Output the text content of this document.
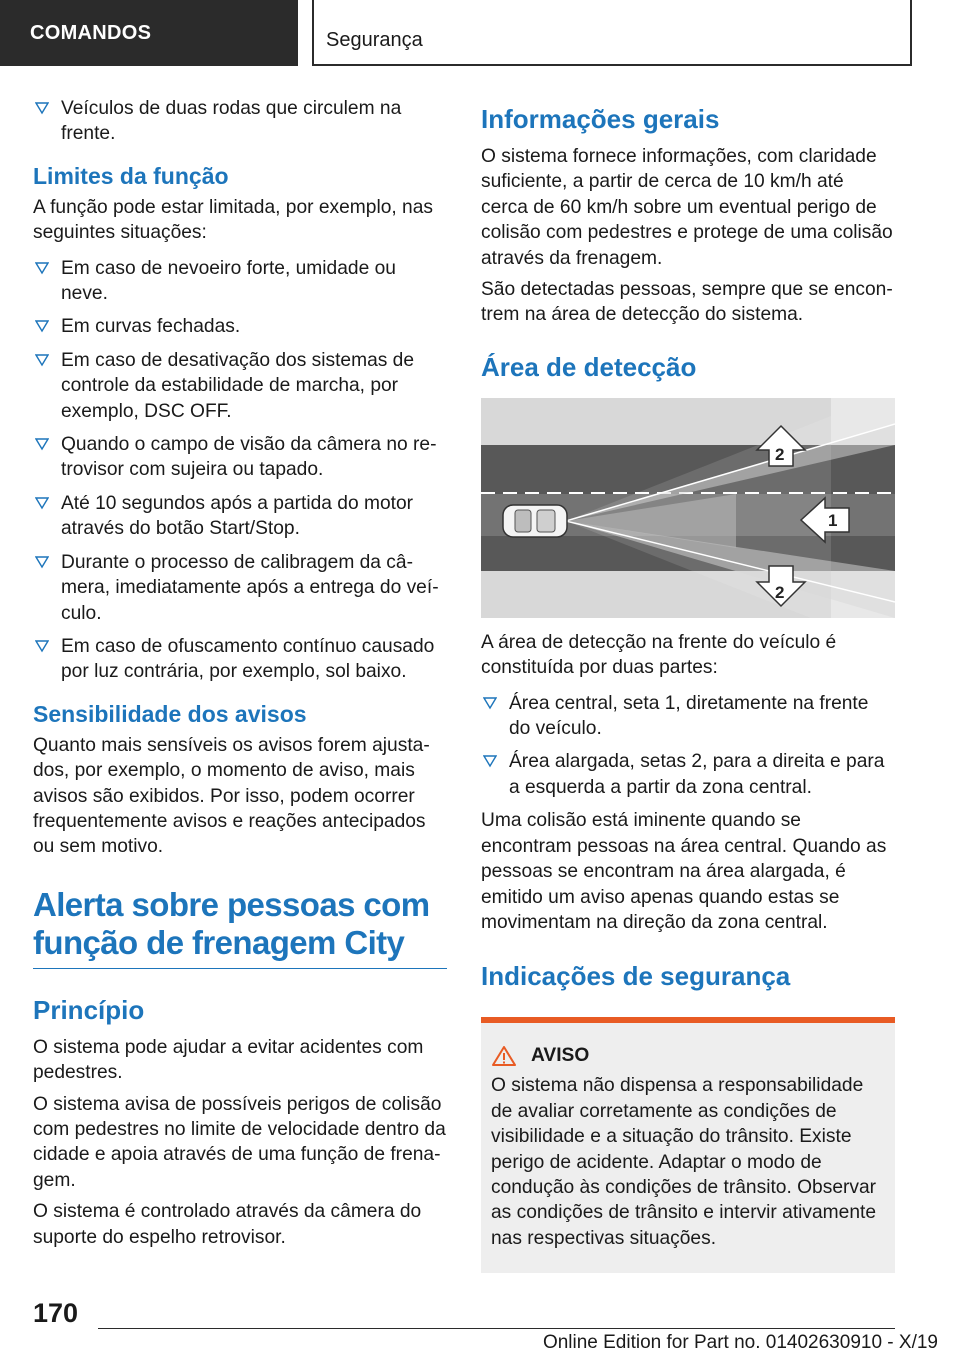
COMANDOS	Segurança
Veículos de duas rodas que circulem na frente.
Limites da função

A função pode estar limitada, por exemplo, nas seguintes situações:

Em caso de nevoeiro forte, umidade ou neve.
Em curvas fechadas.
Em caso de desativação dos sistemas de controle da estabilidade de marcha, por exemplo, DSC OFF.
Quando o campo de visão da câmera no retrovisor com sujeira ou tapado.
Até 10 segundos após a partida do motor através do botão Start/Stop.
Durante o processo de calibragem da câmera, imediatamente após a entrega do veículo.
Em caso de ofuscamento contínuo causado por luz contrária, por exemplo, sol baixo.
Sensibilidade dos avisos

Quanto mais sensíveis os avisos forem ajustados, por exemplo, o momento de aviso, mais avisos são exibidos. Por isso, podem ocorrer frequentemente avisos e reações antecipados ou sem motivo.

Alerta sobre pessoas com função de frenagem City
Princípio

O sistema pode ajudar a evitar acidentes com pedestres.

O sistema avisa de possíveis perigos de colisão com pedestres no limite de velocidade dentro da cidade e apoia através de uma função de frenagem.

O sistema é controlado através da câmera do suporte do espelho retrovisor.

Informações gerais

O sistema fornece informações, com claridade suficiente, a partir de cerca de 10 km/h até cerca de 60 km/h sobre um eventual perigo de colisão com pedestres e protege de uma colisão através da frenagem.

São detectadas pessoas, sempre que se encontrem na área de detecção do sistema.

Área de detecção
2
1
2

A área de detecção na frente do veículo é constituída por duas partes:

Área central, seta 1, diretamente na frente do veículo.
Área alargada, setas 2, para a direita e para a esquerda a partir da zona central.

Uma colisão está iminente quando se encontram pessoas na área central. Quando as pessoas se encontram na área alargada, é emitido um aviso apenas quando estas se movimentam na direção da zona central.

Indicações de segurança
AVISO

O sistema não dispensa a responsabilidade de avaliar corretamente as condições de visibilidade e a situação do trânsito. Existe perigo de acidente. Adaptar o modo de condução às condições de trânsito. Observar as condições de trânsito e intervir ativamente nas respectivas situações.

170
Online Edition for Part no. 01402630910 - X/19
